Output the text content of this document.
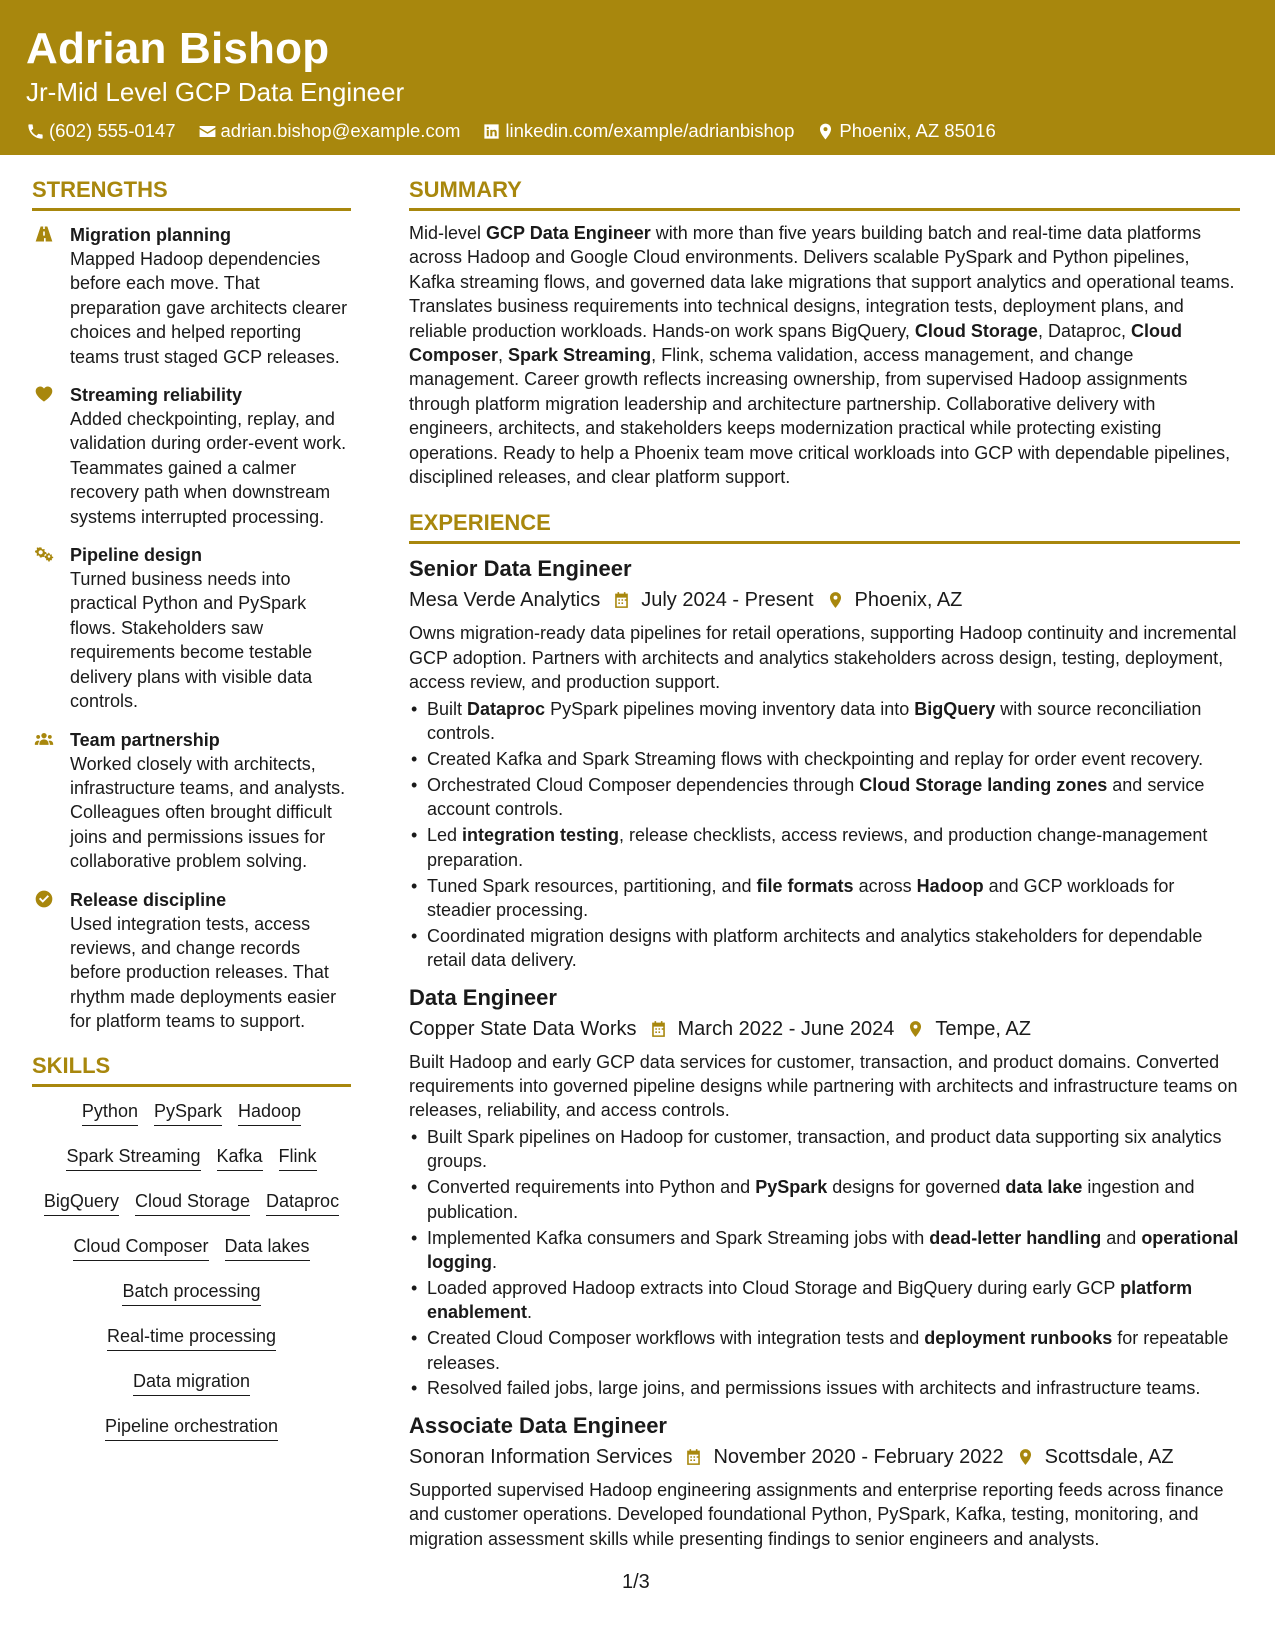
Adrian Bishop
Jr-Mid Level GCP Data Engineer
(602) 555-0147 adrian.bishop@example.com linkedin.com/example/adrianbishop Phoenix, AZ 85016
STRENGTHS
Migration planning
Mapped Hadoop dependencies before each move. That preparation gave architects clearer choices and helped reporting teams trust staged GCP releases.
Streaming reliability
Added checkpointing, replay, and validation during order-event work. Teammates gained a calmer recovery path when downstream systems interrupted processing.
Pipeline design
Turned business needs into practical Python and PySpark flows. Stakeholders saw requirements become testable delivery plans with visible data controls.
Team partnership
Worked closely with architects, infrastructure teams, and analysts. Colleagues often brought difficult joins and permissions issues for collaborative problem solving.
Release discipline
Used integration tests, access reviews, and change records before production releases. That rhythm made deployments easier for platform teams to support.
SKILLS
Python PySpark Hadoop
Spark Streaming Kafka Flink
BigQuery Cloud Storage Dataproc
Cloud Composer Data lakes
Batch processing
Real-time processing
Data migration
Pipeline orchestration
SUMMARY
Mid-level GCP Data Engineer with more than five years building batch and real-time data platforms across Hadoop and Google Cloud environments. Delivers scalable PySpark and Python pipelines, Kafka streaming flows, and governed data lake migrations that support analytics and operational teams. Translates business requirements into technical designs, integration tests, deployment plans, and reliable production workloads. Hands-on work spans BigQuery, Cloud Storage, Dataproc, Cloud Composer, Spark Streaming, Flink, schema validation, access management, and change management. Career growth reflects increasing ownership, from supervised Hadoop assignments through platform migration leadership and architecture partnership. Collaborative delivery with engineers, architects, and stakeholders keeps modernization practical while protecting existing operations. Ready to help a Phoenix team move critical workloads into GCP with dependable pipelines, disciplined releases, and clear platform support.
EXPERIENCE
Senior Data Engineer
Mesa Verde Analytics July 2024 - Present Phoenix, AZ
Owns migration-ready data pipelines for retail operations, supporting Hadoop continuity and incremental GCP adoption. Partners with architects and analytics stakeholders across design, testing, deployment, access review, and production support.
• Built Dataproc PySpark pipelines moving inventory data into BigQuery with source reconciliation controls.
• Created Kafka and Spark Streaming flows with checkpointing and replay for order event recovery.
• Orchestrated Cloud Composer dependencies through Cloud Storage landing zones and service account controls.
• Led integration testing, release checklists, access reviews, and production change-management preparation.
• Tuned Spark resources, partitioning, and file formats across Hadoop and GCP workloads for steadier processing.
• Coordinated migration designs with platform architects and analytics stakeholders for dependable retail data delivery.
Data Engineer
Copper State Data Works March 2022 - June 2024 Tempe, AZ
Built Hadoop and early GCP data services for customer, transaction, and product domains. Converted requirements into governed pipeline designs while partnering with architects and infrastructure teams on releases, reliability, and access controls.
• Built Spark pipelines on Hadoop for customer, transaction, and product data supporting six analytics groups.
• Converted requirements into Python and PySpark designs for governed data lake ingestion and publication.
• Implemented Kafka consumers and Spark Streaming jobs with dead-letter handling and operational logging.
• Loaded approved Hadoop extracts into Cloud Storage and BigQuery during early GCP platform enablement.
• Created Cloud Composer workflows with integration tests and deployment runbooks for repeatable releases.
• Resolved failed jobs, large joins, and permissions issues with architects and infrastructure teams.
Associate Data Engineer
Sonoran Information Services November 2020 - February 2022 Scottsdale, AZ
Supported supervised Hadoop engineering assignments and enterprise reporting feeds across finance and customer operations. Developed foundational Python, PySpark, Kafka, testing, monitoring, and migration assessment skills while presenting findings to senior engineers and analysts.
1/3
